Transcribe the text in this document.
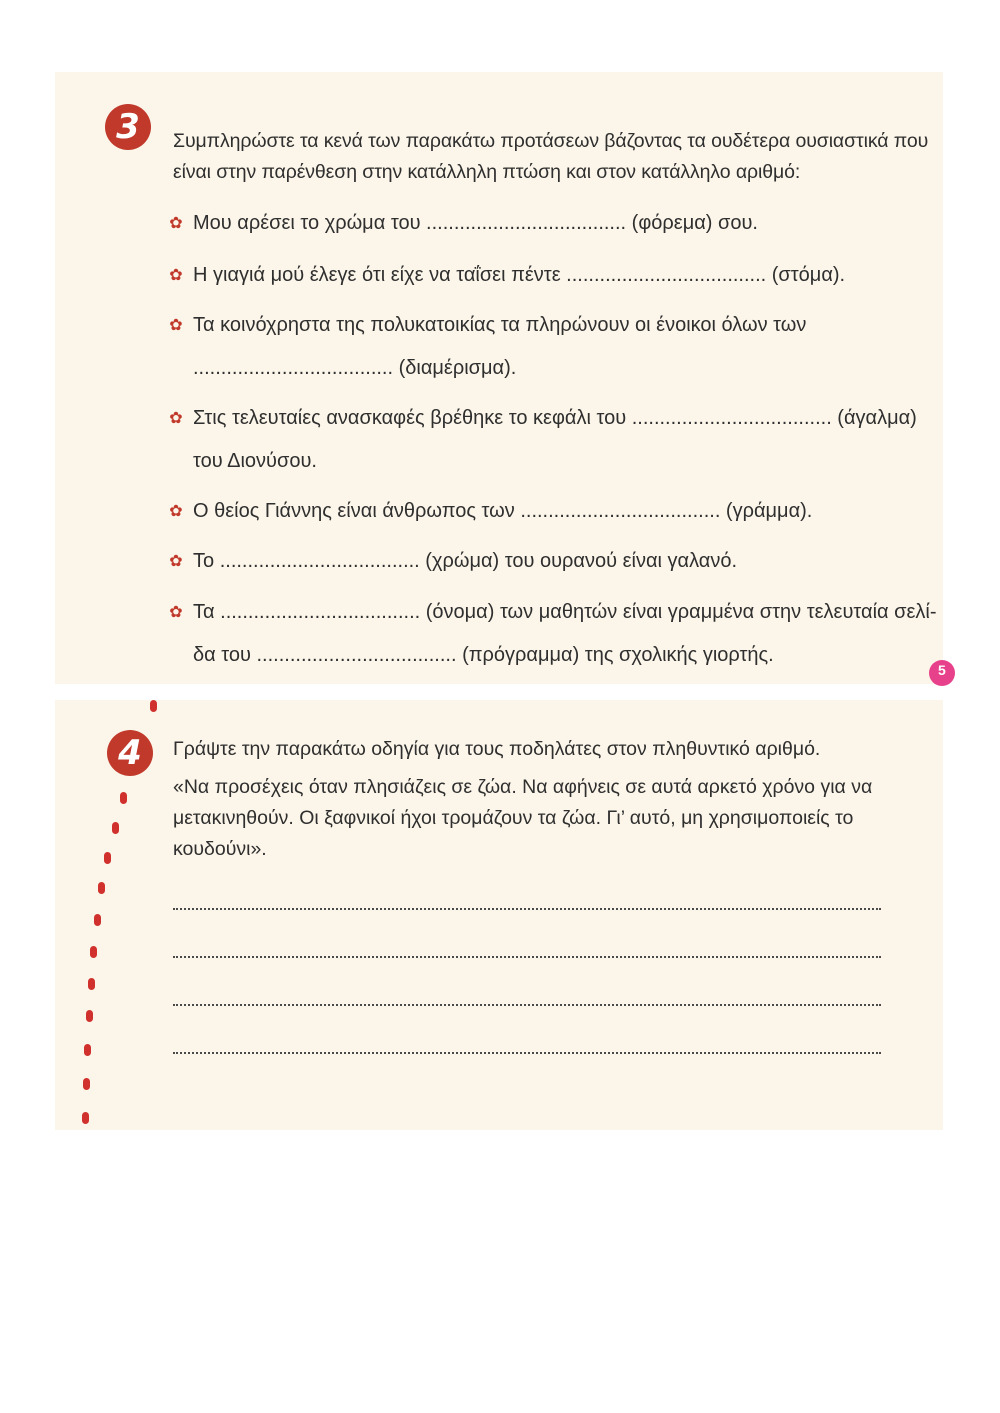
3	Συμπληρώστε τα κενά των παρακάτω προτάσεων βάζοντας τα ουδέτερα ουσιαστικά που είναι στην παρένθεση στην κατάλληλη πτώση και στον κατάλληλο αριθμό:
✿ Μου αρέσει το χρώμα του .................................... (φόρεμα) σου.
✿ Η γιαγιά μού έλεγε ότι είχε να ταΐσει πέντε .................................... (στόμα).
✿ Τα κοινόχρηστα της πολυκατοικίας τα πληρώνουν οι ένοικοι όλων των
.................................... (διαμέρισμα).
✿ Στις τελευταίες ανασκαφές βρέθηκε το κεφάλι του .................................... (άγαλμα)
του Διονύσου.
✿ Ο θείος Γιάννης είναι άνθρωπος των .................................... (γράμμα).
✿ Το .................................... (χρώμα) του ουρανού είναι γαλανό.
✿ Τα .................................... (όνομα) των μαθητών είναι γραμμένα στην τελευταία σελί-
δα του .................................... (πρόγραμμα) της σχολικής γιορτής.
5
4	Γράψτε την παρακάτω οδηγία για τους ποδηλάτες στον πληθυντικό αριθμό.
«Να προσέχεις όταν πλησιάζεις σε ζώα. Να αφήνεις σε αυτά αρκετό χρόνο για να μετακινηθούν. Οι ξαφνικοί ήχοι τρομάζουν τα ζώα. Γι’ αυτό, μη χρησιμοποιείς το κουδούνι».
